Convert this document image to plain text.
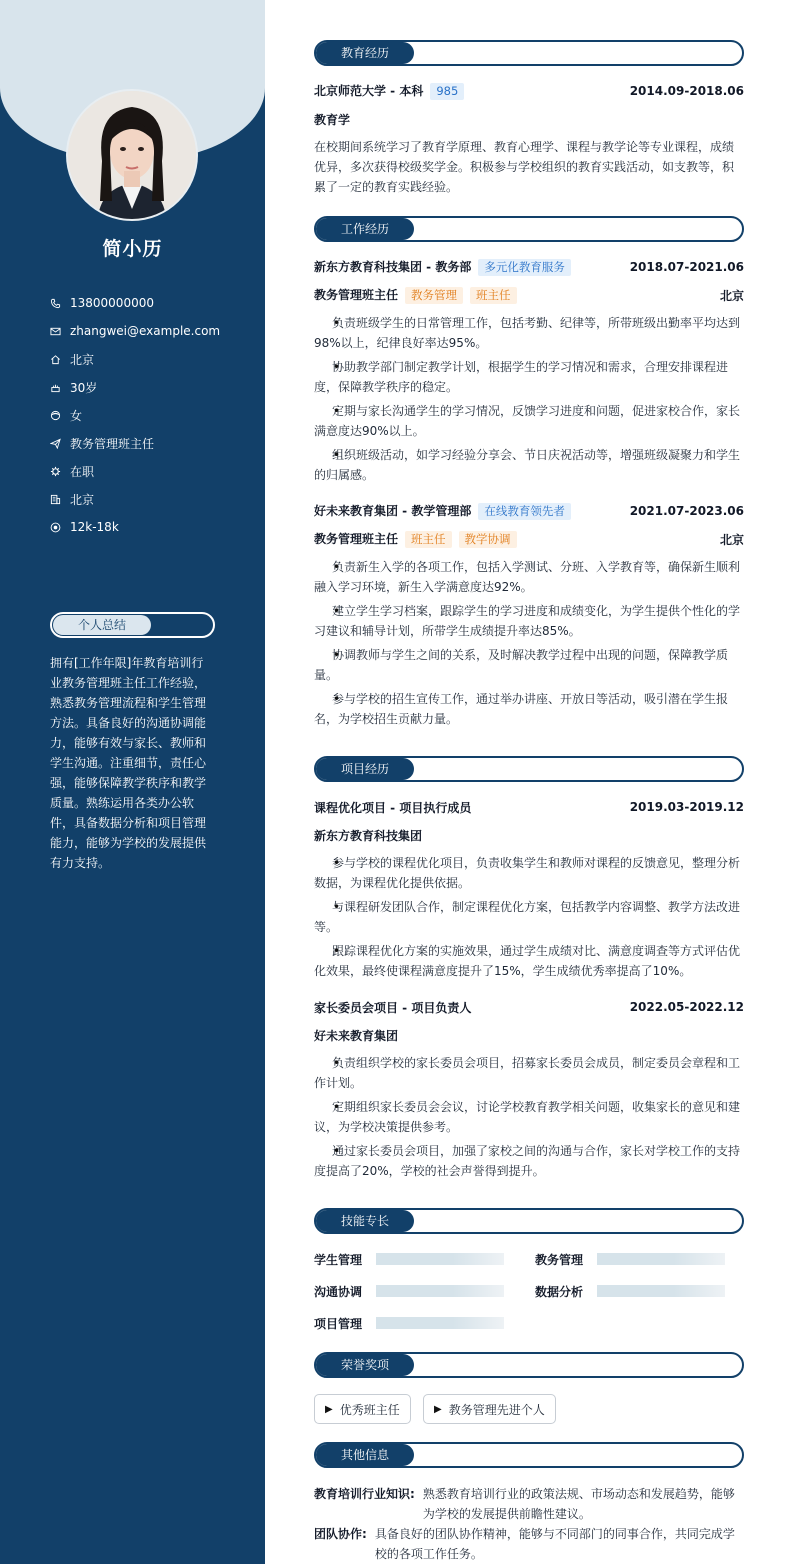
简小历
13800000000
zhangwei@example.com
北京
30岁
女
教务管理班主任
在职
北京
12k-18k
个人总结
拥有[工作年限]年教育培训行业教务管理班主任工作经验，熟悉教务管理流程和学生管理方法。具备良好的沟通协调能力，能够有效与家长、教师和学生沟通。注重细节，责任心强，能够保障教学秩序和教学质量。熟练运用各类办公软件，具备数据分析和项目管理能力，能够为学校的发展提供有力支持。
教育经历
北京师范大学 - 本科 985	2014.09-2018.06
教育学
在校期间系统学习了教育学原理、教育心理学、课程与教学论等专业课程，成绩优异，多次获得校级奖学金。积极参与学校组织的教育实践活动，如支教等，积累了一定的教育实践经验。
工作经历
新东方教育科技集团 - 教务部 多元化教育服务	2018.07-2021.06
教务管理班主任 教务管理 班主任	北京
• 负责班级学生的日常管理工作，包括考勤、纪律等，所带班级出勤率平均达到98%以上，纪律良好率达95%。
• 协助教学部门制定教学计划，根据学生的学习情况和需求，合理安排课程进度，保障教学秩序的稳定。
• 定期与家长沟通学生的学习情况，反馈学习进度和问题，促进家校合作，家长满意度达90%以上。
• 组织班级活动，如学习经验分享会、节日庆祝活动等，增强班级凝聚力和学生的归属感。
好未来教育集团 - 教学管理部 在线教育领先者	2021.07-2023.06
教务管理班主任 班主任 教学协调	北京
• 负责新生入学的各项工作，包括入学测试、分班、入学教育等，确保新生顺利融入学习环境，新生入学满意度达92%。
• 建立学生学习档案，跟踪学生的学习进度和成绩变化，为学生提供个性化的学习建议和辅导计划，所带学生成绩提升率达85%。
• 协调教师与学生之间的关系，及时解决教学过程中出现的问题，保障教学质量。
• 参与学校的招生宣传工作，通过举办讲座、开放日等活动，吸引潜在学生报名，为学校招生贡献力量。
项目经历
课程优化项目 - 项目执行成员	2019.03-2019.12
新东方教育科技集团
• 参与学校的课程优化项目，负责收集学生和教师对课程的反馈意见，整理分析数据，为课程优化提供依据。
• 与课程研发团队合作，制定课程优化方案，包括教学内容调整、教学方法改进等。
• 跟踪课程优化方案的实施效果，通过学生成绩对比、满意度调查等方式评估优化效果，最终使课程满意度提升了15%，学生成绩优秀率提高了10%。
家长委员会项目 - 项目负责人	2022.05-2022.12
好未来教育集团
• 负责组织学校的家长委员会项目，招募家长委员会成员，制定委员会章程和工作计划。
• 定期组织家长委员会会议，讨论学校教育教学相关问题，收集家长的意见和建议，为学校决策提供参考。
• 通过家长委员会项目，加强了家校之间的沟通与合作，家长对学校工作的支持度提高了20%，学校的社会声誉得到提升。
技能专长
学生管理	教务管理
沟通协调	数据分析
项目管理
荣誉奖项
▶ 优秀班主任	▶ 教务管理先进个人
其他信息
教育培训行业知识: 熟悉教育培训行业的政策法规、市场动态和发展趋势，能够为学校的发展提供前瞻性建议。
团队协作: 具备良好的团队协作精神，能够与不同部门的同事合作，共同完成学校的各项工作任务。
